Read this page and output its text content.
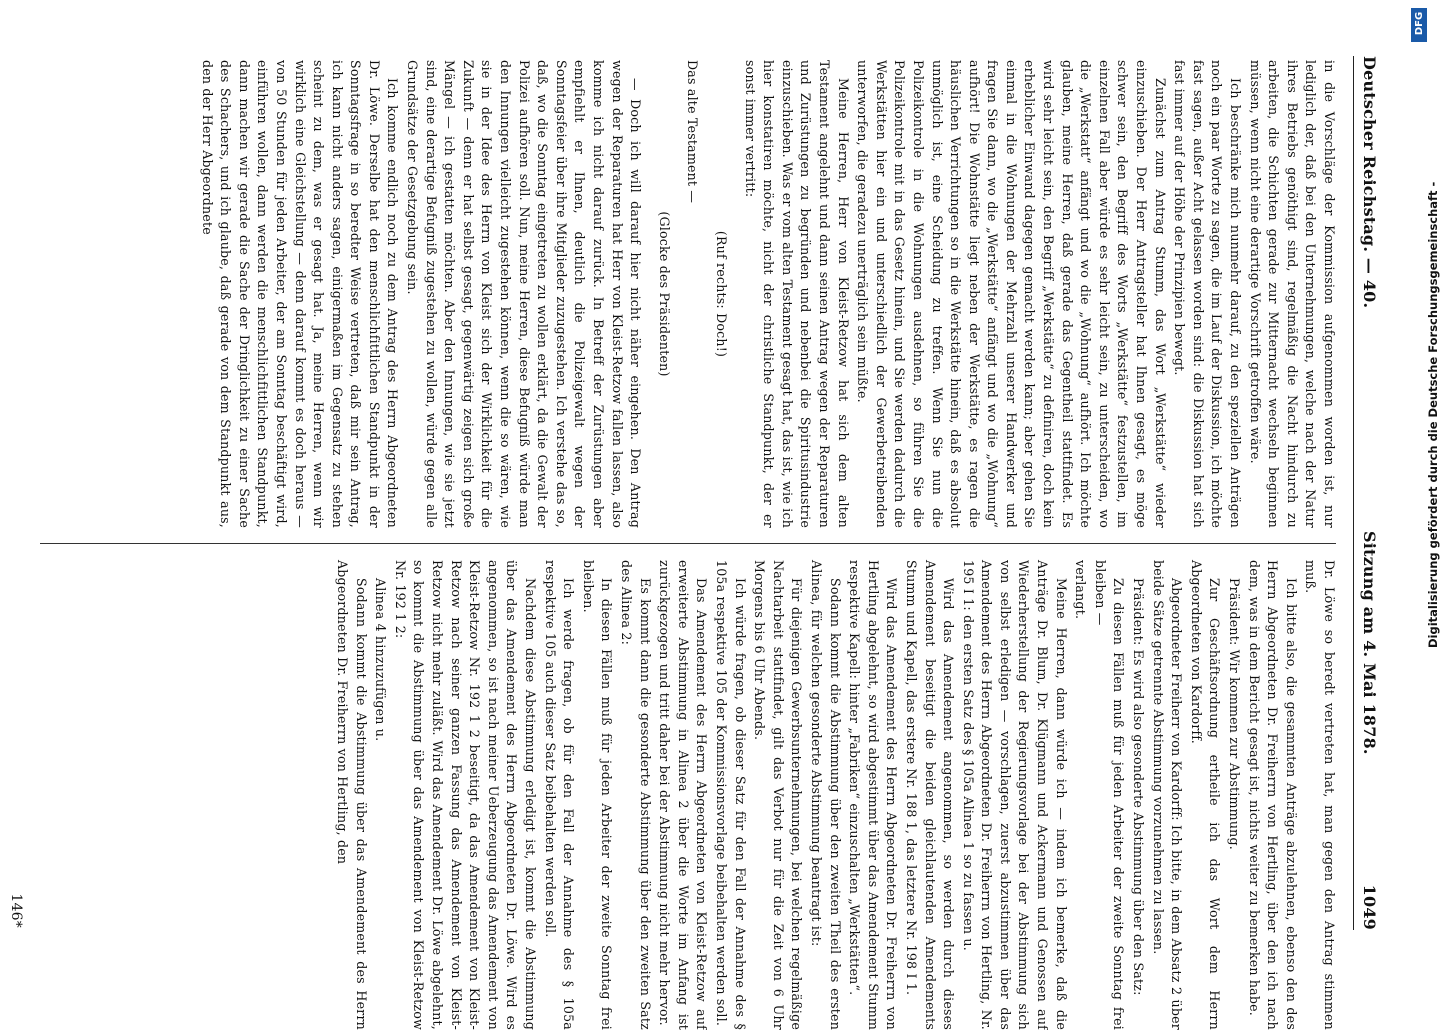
Deutscher Reichstag. — 40.
Sitzung am 4. Mai 1878.
1049

in die Vorschläge der Kommission aufgenommen worden ist, nur lediglich der, daß bei den Unternehmungen, welche nach der Natur ihres Betriebs genöthigt sind, regelmäßig die Nacht hindurch zu arbeiten, die Schichten gerade zur Mitternacht wechseln beginnen müssen, wenn nicht eine derartige Vorschrift getroffen wäre.

Ich beschränke mich nunmehr darauf, zu den speziellen Anträgen noch ein paar Worte zu sagen, die im Lauf der Diskussion, ich möchte fast sagen, außer Acht gelassen worden sind: die Diskussion hat sich fast immer auf der Höhe der Prinzipien bewegt.

Zunächst zum Antrag Stumm, das Wort „Werkstätte“ wieder einzuschieben. Der Herr Antragsteller hat Ihnen gesagt, es möge schwer sein, den Begriff des Worts „Werkstätte“ festzustellen, im einzelnen Fall aber würde es sehr leicht sein, zu unterscheiden, wo die „Werkstatt“ anfängt und wo die „Wohnung“ aufhört. Ich möchte glauben, meine Herren, daß gerade das Gegentheil stattfindet. Es wird sehr leicht sein, den Begriff „Werkstätte“ zu definiren, doch kein erheblicher Einwand dagegen gemacht werden kann; aber gehen Sie einmal in die Wohnungen der Mehrzahl unserer Handwerker und fragen Sie dann, wo die „Werkstätte“ anfängt und wo die „Wohnung“ aufhört! Die Wohnstätte liegt neben der Werkstätte, es ragen die häuslichen Verrichtungen so in die Werkstätte hinein, daß es absolut unmöglich ist, eine Scheidung zu treffen. Wenn Sie nun die Polizeikontrole in die Wohnungen ausdehnen, so führen Sie die Polizeikontrole mit in das Gesetz hinein, und Sie werden dadurch die Werkstätten hier ein und unterschiedlich der Gewerbetreibenden unterworfen, die geradezu unerträglich sein müßte.

Meine Herren, Herr von Kleist-Retzow hat sich dem alten Testament angelehnt und dann seinen Antrag wegen der Reparaturen und Zurüstungen zu begründen und nebenbei die Spiritusindustrie einzuschieben. Was er vom alten Testament gesagt hat, das ist, wie ich hier konstatiren möchte, nicht der christliche Standpunkt, der er sonst immer vertritt:

(Ruf rechts: Doch!)

Das alte Testament —

(Glocke des Präsidenten)

— Doch ich will darauf hier nicht näher eingehen. Den Antrag wegen der Reparaturen hat Herr von Kleist-Retzow fallen lassen, also komme ich nicht darauf zurück. In Betreff der Zurüstungen aber empfiehlt er Ihnen, deutlich die Polizeigewalt wegen der Sonntagsfeier über ihre Mitglieder zuzugestehen. Ich verstehe das so, daß, wo die Sonntag eingetreten zu wollen erklärt, da die Gewalt der Polizei aufhören soll. Nun, meine Herren, diese Befugniß würde man den Innungen vielleicht zugestehen können, wenn die so wären, wie sie in der Idee des Herrn von Kleist sich der Wirklichkeit für die Zukunft — denn er hat selbst gesagt, gegenwärtig zeigen sich große Mängel — ich gestatten möchten. Aber den Innungen, wie sie jetzt sind, eine derartige Befugniß zugestehen zu wollen, würde gegen alle Grundsätze der Gesetzgebung sein.

Ich komme endlich noch zu dem Antrag des Herrn Abgeordneten Dr. Löwe. Derselbe hat den menschlichfittlichen Standpunkt in der Sonntagsfrage in so beredter Weise vertreten, daß mir sein Antrag, ich kann nicht anders sagen, einigermaßen im Gegensatz zu stehen scheint zu dem, was er gesagt hat. Ja, meine Herren, wenn wir wirklich eine Gleichstellung — denn darauf kommt es doch heraus — von 50 Stunden für jeden Arbeiter, der am Sonntag beschäftigt wird, einführen wollen, dann werden die menschlichfittlichen Standpunkt, dann machen wir gerade die Sache der Dringlichkeit zu einer Sache des Schachers, und ich glaube, daß gerade von dem Standpunkt aus, den der Herr Abgeordnete

Dr. Löwe so beredt vertreten hat, man gegen den Antrag stimmen muß.

Ich bitte also, die gesammten Anträge abzulehnen, ebenso den des Herrn Abgeordneten Dr. Freiherrn von Hertling, über den ich nach dem, was in dem Bericht gesagt ist, nichts weiter zu bemerken habe.

Präsident: Wir kommen zur Abstimmung.

Zur Geschäftsordnung ertheile ich das Wort dem Herrn Abgeordneten von Kardorff.

Abgeordneter Freiherr von Kardorff: Ich bitte, in dem Absatz 2 über beide Sätze getrennte Abstimmung vorzunehmen zu lassen.

Präsident: Es wird also gesonderte Abstimmung über den Satz:

Zu diesen Fällen muß für jeden Arbeiter der zweite Sonntag frei bleiben —

verlangt.

Meine Herren, dann würde ich — indem ich bemerke, daß die Anträge Dr. Blum, Dr. Klügmann und Ackermann und Genossen auf Wiederherstellung der Regierungsvorlage bei der Abstimmung sich von selbst erledigen — vorschlagen, zuerst abzustimmen über das Amendement des Herrn Abgeordneten Dr. Freiherrn von Hertling, Nr. 195 I 1: den ersten Satz des § 105a Alinea 1 so zu fassen u.

Wird das Amendement angenommen, so werden durch dieses Amendement beseitigt die beiden gleichlautenden Amendements Stumm und Kapell, das erstere Nr. 188 1, das letztere Nr. 198 I 1.

Wird das Amendement des Herrn Abgeordneten Dr. Freiherrn von Hertling abgelehnt, so wird abgestimmt über das Amendement Stumm respektive Kapell: hinter „Fabriken“ einzuschalten „Werkstätten“.

Sodann kommt die Abstimmung über den zweiten Theil des ersten Alinea, für welchen gesonderte Abstimmung beantragt ist:

Für diejenigen Gewerbsunternehmungen, bei welchen regelmäßige Nachtarbeit stattfindet, gilt das Verbot nur für die Zeit von 6 Uhr Morgens bis 6 Uhr Abends.

Ich würde fragen, ob dieser Satz für den Fall der Annahme des § 105a respektive 105 der Kommissionsvorlage beibehalten werden soll.

Das Amendement des Herrn Abgeordneten von Kleist-Retzow auf erweiterte Abstimmung in Alinea 2 über die Worte im Anfang ist zurückgezogen und tritt daher bei der Abstimmung nicht mehr hervor.

Es kommt dann die gesonderte Abstimmung über den zweiten Satz des Alinea 2:

In diesen Fällen muß für jeden Arbeiter der zweite Sonntag frei bleiben.

Ich werde fragen, ob für den Fall der Annahme des § 105a respektive 105 auch dieser Satz beibehalten werden soll.

Nachdem diese Abstimmung erledigt ist, kommt die Abstimmung über das Amendement des Herrn Abgeordneten Dr. Löwe. Wird es angenommen, so ist nach meiner Ueberzeugung das Amendement von Kleist-Retzow Nr. 192 1 2 beseitigt, da das Amendement von Kleist-Retzow nach seiner ganzen Fassung das Amendement von Kleist-Retzow nicht mehr zuläßt. Wird das Amendement Dr. Löwe abgelehnt, so kommt die Abstimmung über das Amendement von Kleist-Retzow Nr. 192 1 2:

Alinea 4 hinzuzufügen u.

Sodann kommt die Abstimmung über das Amendement des Herrn Abgeordneten Dr. Freiherrn von Hertling, den

146*
DFG
Digitalisierung gefördert durch die Deutsche Forschungsgemeinschaft -
